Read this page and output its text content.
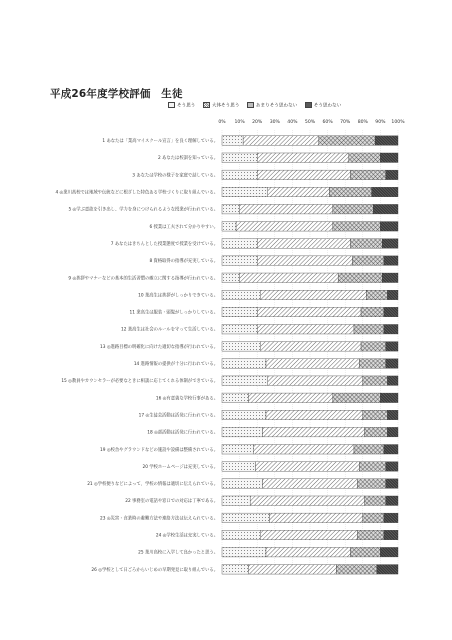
平成26年度学校評価　生徒
そう思う	大体そう思う	あまりそう思わない	そう思わない
0% 10% 20% 30% 40% 50% 60% 70% 80% 90% 100%
1 あなたは「業高マイスクール宣言」を良く理解している。
2 あなたは校訓を知っている。
3 あなたは学校の様子を家庭で話している。
4 ◎業川高校では地域や伝統などに根ざした特色ある学校づくりに取り組んでいる。
5 ◎学ぶ意欲を引き出し、学力を身につけられるような授業が行われている。
6 授業は工夫されて分かりやすい。
7 あなたはきちんとした授業態度で授業を受けている。
8 資格取得の指導が充実している。
9 ◎挨拶やマナーなどの基本的生活習慣の確立に関する指導が行われている。
10 業高生は挨拶がしっかりできている。
11 業高生は服装・頭髪がしっかりしている。
12 業高生は社会のルールを守って生活している。
13 ◎進路目標の明確化に向けた適切な指導が行われている。
14 進路情報の提供が十分に行われている。
15 ◎教員やカウンセラーが必要なときに相談に応じてくれる体制ができている。
16 ◎有意義な学校行事がある。
17 ◎生徒会活動は活発に行われている。
18 ◎部活動は活発に行われている。
19 ◎校舎やグラウンドなどの施設や設備は整備されている。
20 学校ホームページは充実している。
21 ◎学校便りなどによって、学校の情報は適切に伝えられている。
22 事務室の電話や窓口での対応は丁寧である。
23 ◎災害・食業時の避難方法や連絡方法は伝えられている。
24 ◎学校生活は充実している。
25 業川高校に入学して良かったと思う。
26 ◎学校として日ごろからいじめの早期発見に取り組んでいる。
